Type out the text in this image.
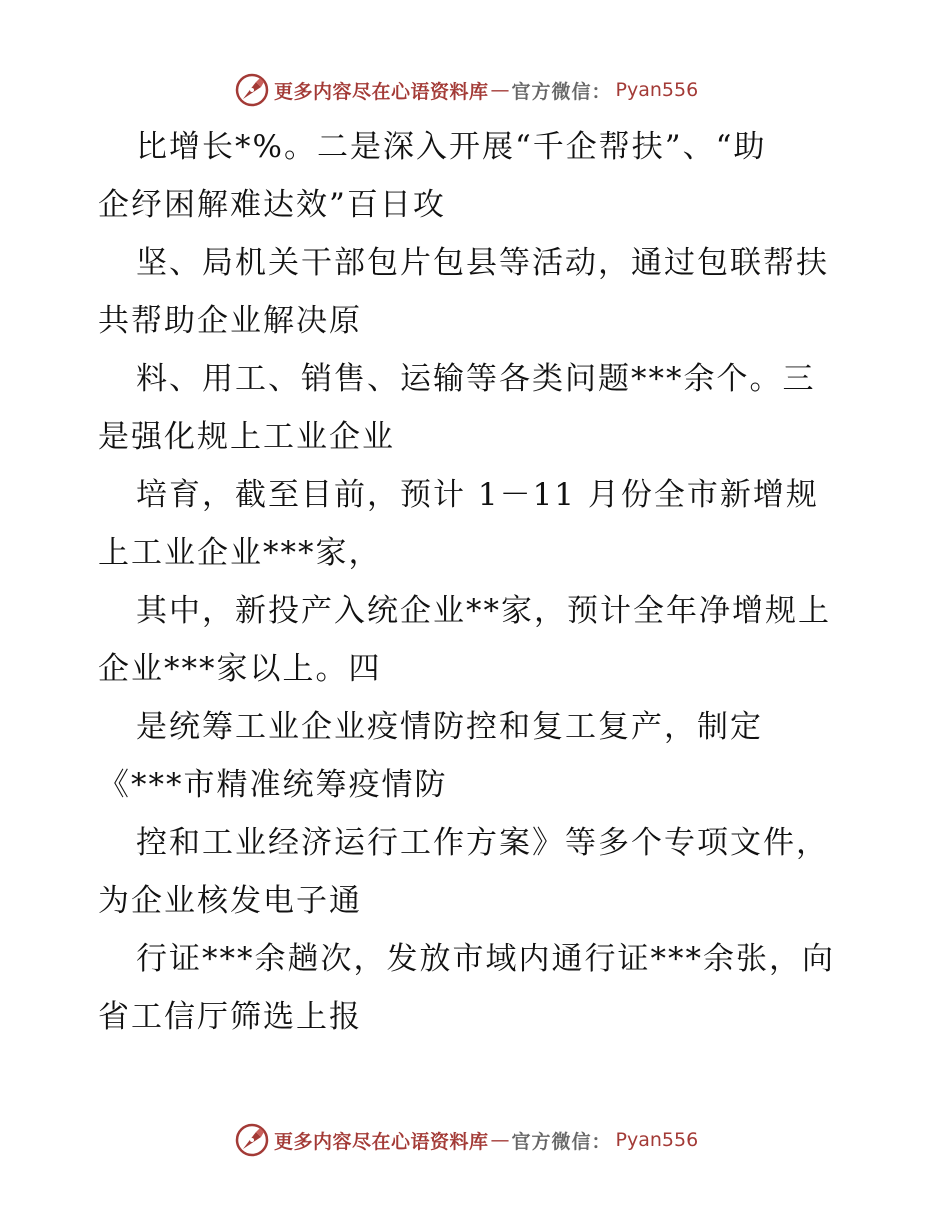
更多内容尽在心语资料库 — 官方微信： Pyan556
比增长*%。二是深入开展“千企帮扶”、“助
企纾困解难达效”百日攻
坚、局机关干部包片包县等活动，通过包联帮扶
共帮助企业解决原
料、用工、销售、运输等各类问题***余个。三
是强化规上工业企业
培育，截至目前，预计 1－11 月份全市新增规
上工业企业***家，
其中，新投产入统企业**家，预计全年净增规上
企业***家以上。四
是统筹工业企业疫情防控和复工复产，制定
《***市精准统筹疫情防
控和工业经济运行工作方案》等多个专项文件，
为企业核发电子通
行证***余趟次，发放市域内通行证***余张，向
省工信厅筛选上报
更多内容尽在心语资料库 — 官方微信： Pyan556
